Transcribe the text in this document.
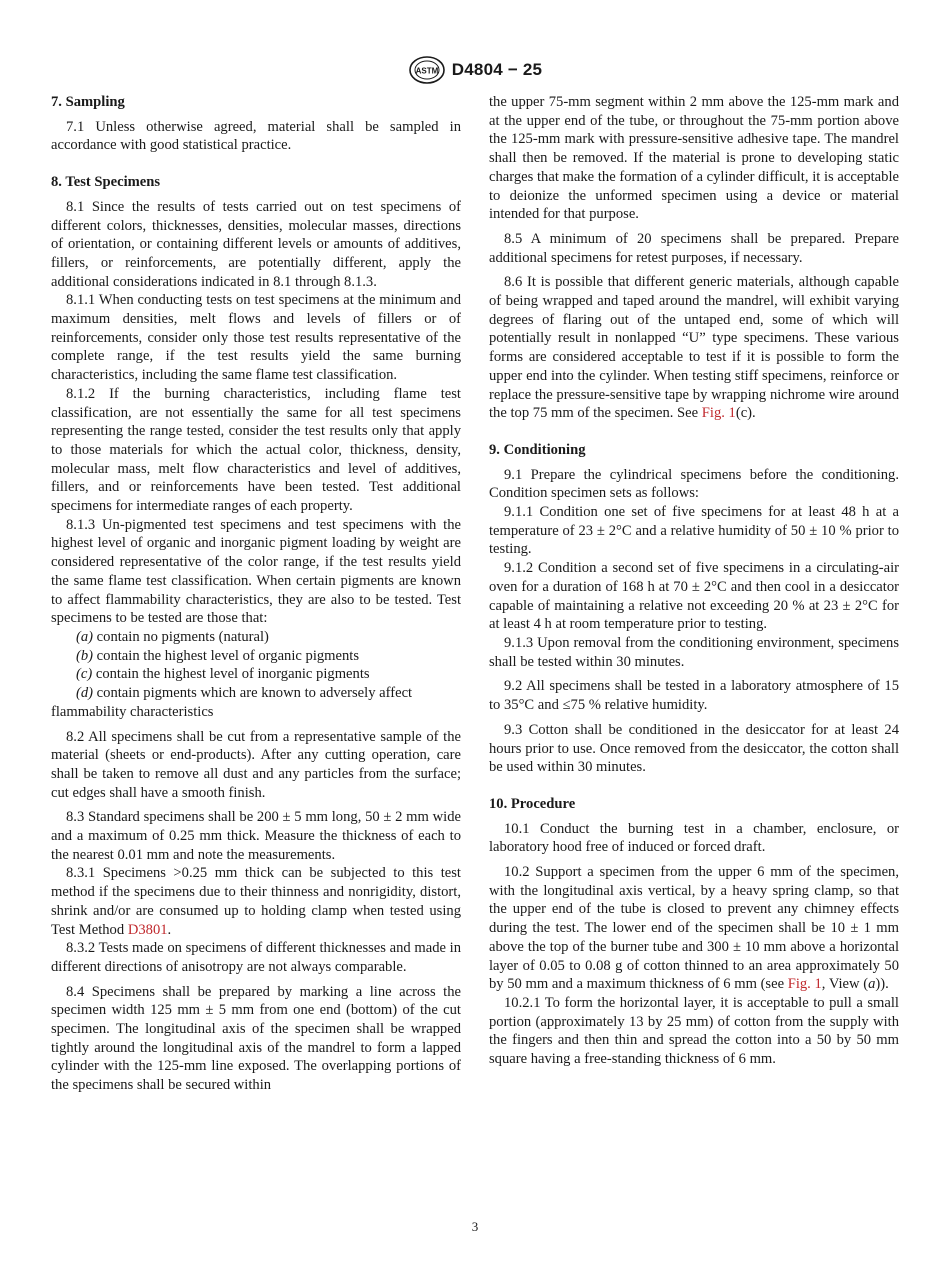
ASTM D4804 − 25
7. Sampling

7.1 Unless otherwise agreed, material shall be sampled in accordance with good statistical practice.

8. Test Specimens

8.1 Since the results of tests carried out on test specimens of different colors, thicknesses, densities, molecular masses, directions of orientation, or containing different levels or amounts of additives, fillers, or reinforcements, are potentially different, apply the additional considerations indicated in 8.1 through 8.1.3.

8.1.1 When conducting tests on test specimens at the minimum and maximum densities, melt flows and levels of fillers or of reinforcements, consider only those test results representative of the complete range, if the test results yield the same burning characteristics, including the same flame test classification.

8.1.2 If the burning characteristics, including flame test classification, are not essentially the same for all test specimens representing the range tested, consider the test results only that apply to those materials for which the actual color, thickness, density, molecular mass, melt flow characteristics and level of additives, fillers, and or reinforcements have been tested. Test additional specimens for intermediate ranges of each property.

8.1.3 Un-pigmented test specimens and test specimens with the highest level of organic and inorganic pigment loading by weight are considered representative of the color range, if the test results yield the same flame test classification. When certain pigments are known to affect flammability characteristics, they are also to be tested. Test specimens to be tested are those that:

(a) contain no pigments (natural)

(b) contain the highest level of organic pigments

(c) contain the highest level of inorganic pigments

(d) contain pigments which are known to adversely affect flammability characteristics

8.2 All specimens shall be cut from a representative sample of the material (sheets or end-products). After any cutting operation, care shall be taken to remove all dust and any particles from the surface; cut edges shall have a smooth finish.

8.3 Standard specimens shall be 200 ± 5 mm long, 50 ± 2 mm wide and a maximum of 0.25 mm thick. Measure the thickness of each to the nearest 0.01 mm and note the measurements.

8.3.1 Specimens >0.25 mm thick can be subjected to this test method if the specimens due to their thinness and nonrigidity, distort, shrink and/or are consumed up to holding clamp when tested using Test Method D3801.

8.3.2 Tests made on specimens of different thicknesses and made in different directions of anisotropy are not always comparable.

8.4 Specimens shall be prepared by marking a line across the specimen width 125 mm ± 5 mm from one end (bottom) of the cut specimen. The longitudinal axis of the specimen shall be wrapped tightly around the longitudinal axis of the mandrel to form a lapped cylinder with the 125-mm line exposed. The overlapping portions of the specimens shall be secured within

the upper 75-mm segment within 2 mm above the 125-mm mark and at the upper end of the tube, or throughout the 75-mm portion above the 125-mm mark with pressure-sensitive adhesive tape. The mandrel shall then be removed. If the material is prone to developing static charges that make the formation of a cylinder difficult, it is acceptable to deionize the unformed specimen using a device or material intended for that purpose.

8.5 A minimum of 20 specimens shall be prepared. Prepare additional specimens for retest purposes, if necessary.

8.6 It is possible that different generic materials, although capable of being wrapped and taped around the mandrel, will exhibit varying degrees of flaring out of the untaped end, some of which will potentially result in nonlapped “U” type specimens. These various forms are considered acceptable to test if it is possible to form the upper end into the cylinder. When testing stiff specimens, reinforce or replace the pressure-sensitive tape by wrapping nichrome wire around the top 75 mm of the specimen. See Fig. 1(c).

9. Conditioning

9.1 Prepare the cylindrical specimens before the conditioning. Condition specimen sets as follows:

9.1.1 Condition one set of five specimens for at least 48 h at a temperature of 23 ± 2°C and a relative humidity of 50 ± 10 % prior to testing.

9.1.2 Condition a second set of five specimens in a circulating-air oven for a duration of 168 h at 70 ± 2°C and then cool in a desiccator capable of maintaining a relative not exceeding 20 % at 23 ± 2°C for at least 4 h at room temperature prior to testing.

9.1.3 Upon removal from the conditioning environment, specimens shall be tested within 30 minutes.

9.2 All specimens shall be tested in a laboratory atmosphere of 15 to 35°C and ≤75 % relative humidity.

9.3 Cotton shall be conditioned in the desiccator for at least 24 hours prior to use. Once removed from the desiccator, the cotton shall be used within 30 minutes.

10. Procedure

10.1 Conduct the burning test in a chamber, enclosure, or laboratory hood free of induced or forced draft.

10.2 Support a specimen from the upper 6 mm of the specimen, with the longitudinal axis vertical, by a heavy spring clamp, so that the upper end of the tube is closed to prevent any chimney effects during the test. The lower end of the specimen shall be 10 ± 1 mm above the top of the burner tube and 300 ± 10 mm above a horizontal layer of 0.05 to 0.08 g of cotton thinned to an area approximately 50 by 50 mm and a maximum thickness of 6 mm (see Fig. 1, View (a)).

10.2.1 To form the horizontal layer, it is acceptable to pull a small portion (approximately 13 by 25 mm) of cotton from the supply with the fingers and then thin and spread the cotton into a 50 by 50 mm square having a free-standing thickness of 6 mm.

3
